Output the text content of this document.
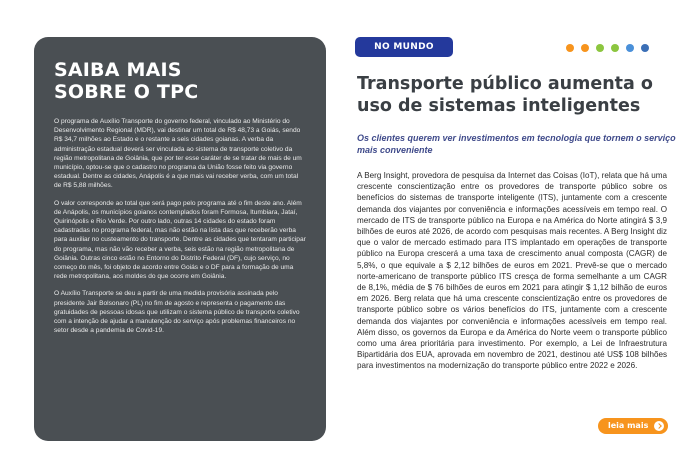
SAIBA MAIS
SOBRE O TPC

O programa de Auxílio Transporte do governo federal, vinculado ao Ministério do Desenvolvimento Regional (MDR), vai destinar um total de R$ 48,73 a Goiás, sendo R$ 34,7 milhões ao Estado e o restante a seis cidades goianas. A verba da administração estadual deverá ser vinculada ao sistema de transporte coletivo da região metropolitana de Goiânia, que por ter esse caráter de se tratar de mais de um município, optou-se que o cadastro no programa da União fosse feito via governo estadual. Dentre as cidades, Anápolis é a que mais vai receber verba, com um total de R$ 5,88 milhões.

O valor corresponde ao total que será pago pelo programa até o fim deste ano. Além de Anápolis, os municípios goianos contemplados foram Formosa, Itumbiara, Jataí, Quirinópolis e Rio Verde. Por outro lado, outras 14 cidades do estado foram cadastradas no programa federal, mas não estão na lista das que receberão verba para auxiliar no custeamento do transporte. Dentre as cidades que tentaram participar do programa, mas não vão receber a verba, seis estão na região metropolitana de Goiânia. Outras cinco estão no Entorno do Distrito Federal (DF), cujo serviço, no começo do mês, foi objeto de acordo entre Goiás e o DF para a formação de uma rede metropolitana, aos moldes do que ocorre em Goiânia.

O Auxílio Transporte se deu a partir de uma medida provisória assinada pelo presidente Jair Bolsonaro (PL) no fim de agosto e representa o pagamento das gratuidades de pessoas idosas que utilizam o sistema público de transporte coletivo com a intenção de ajudar a manutenção do serviço após problemas financeiros no setor desde a pandemia de Covid-19.

NO MUNDO
Transporte público aumenta o uso de sistemas inteligentes
Os clientes querem ver investimentos em tecnologia que tornem o serviço mais conveniente
A Berg Insight, provedora de pesquisa da Internet das Coisas (IoT), relata que há uma crescente conscientização entre os provedores de transporte público sobre os benefícios do sistemas de transporte inteligente (ITS), juntamente com a crescente demanda dos viajantes por conveniência e informações acessíveis em tempo real. O mercado de ITS de transporte público na Europa e na América do Norte atingirá $ 3,9 bilhões de euros até 2026, de acordo com pesquisas mais recentes. A Berg Insight diz que o valor de mercado estimado para ITS implantado em operações de transporte público na Europa crescerá a uma taxa de crescimento anual composta (CAGR) de 5,8%, o que equivale a $ 2,12 bilhões de euros em 2021. Prevê-se que o mercado norte-americano de transporte público ITS cresça de forma semelhante a um CAGR de 8,1%, média de $ 76 bilhões de euros em 2021 para atingir $ 1,12 bilhão de euros em 2026. Berg relata que há uma crescente conscientização entre os provedores de transporte público sobre os vários benefícios do ITS, juntamente com a crescente demanda dos viajantes por conveniência e informações acessíveis em tempo real. Além disso, os governos da Europa e da América do Norte veem o transporte público como uma área prioritária para investimento. Por exemplo, a Lei de Infraestrutura Bipartidária dos EUA, aprovada em novembro de 2021, destinou até US$ 108 bilhões para investimentos na modernização do transporte público entre 2022 e 2026.
leia mais
